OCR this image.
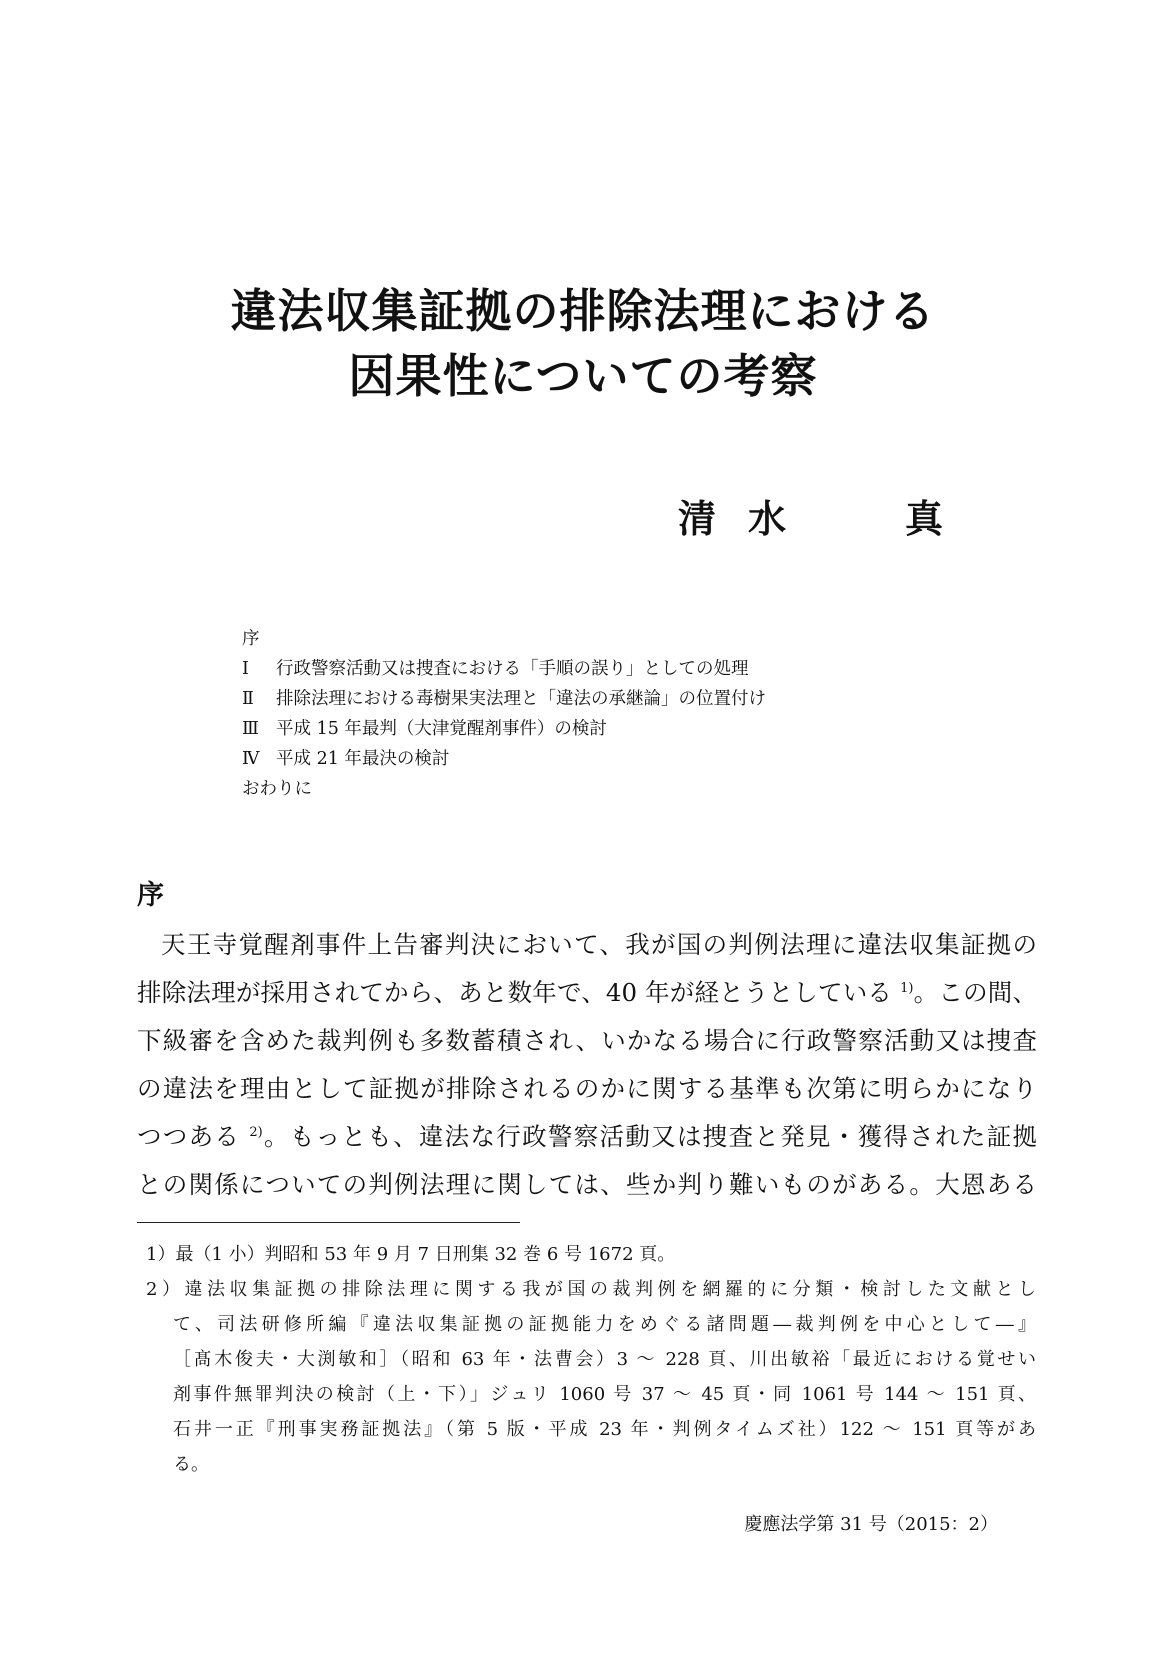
違法収集証拠の排除法理における
因果性についての考察
清 水	真
序
Ⅰ 行政警察活動又は捜査における「手順の誤り」としての処理
Ⅱ 排除法理における毒樹果実法理と「違法の承継論」の位置付け
Ⅲ 平成 15 年最判（大津覚醒剤事件）の検討
Ⅳ 平成 21 年最決の検討
おわりに
序
天王寺覚醒剤事件上告審判決において、我が国の判例法理に違法収集証拠の
排除法理が採用されてから、あと数年で、40 年が経とうとしている $^{1)}$。この間、
下級審を含めた裁判例も多数蓄積され、いかなる場合に行政警察活動又は捜査
の違法を理由として証拠が排除されるのかに関する基準も次第に明らかになり
つつある $^{2)}$。もっとも、違法な行政警察活動又は捜査と発見・獲得された証拠
との関係についての判例法理に関しては、些か判り難いものがある。大恩ある
1）最（1 小）判昭和 53 年 9 月 7 日刑集 32 巻 6 号 1672 頁。
2）違法収集証拠の排除法理に関する我が国の裁判例を網羅的に分類・検討した文献とし
て、司法研修所編『違法収集証拠の証拠能力をめぐる諸問題―裁判例を中心として―』
［髙木俊夫・大渕敏和］（昭和 63 年・法曹会）3 ～ 228 頁、川出敏裕「最近における覚せい
剤事件無罪判決の検討（上・下）」ジュリ 1060 号 37 ～ 45 頁・同 1061 号 144 ～ 151 頁、
石井一正『刑事実務証拠法』（第 5 版・平成 23 年・判例タイムズ社）122 ～ 151 頁等があ
る。
慶應法学第 31 号（2015：2）
